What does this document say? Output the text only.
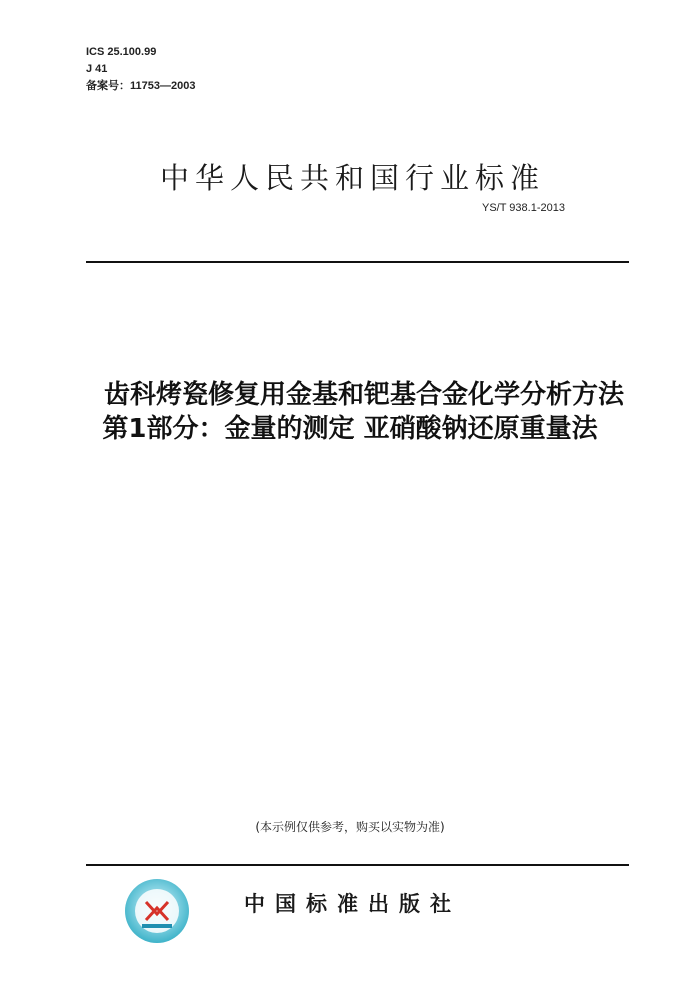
ICS 25.100.99
J 41
备案号：11753—2003
中华人民共和国行业标准
YS/T 938.1-2013
齿科烤瓷修复用金基和钯基合金化学分析方法
第1部分：金量的测定 亚硝酸钠还原重量法
(本示例仅供参考，购买以实物为准)
中国标准出版社
